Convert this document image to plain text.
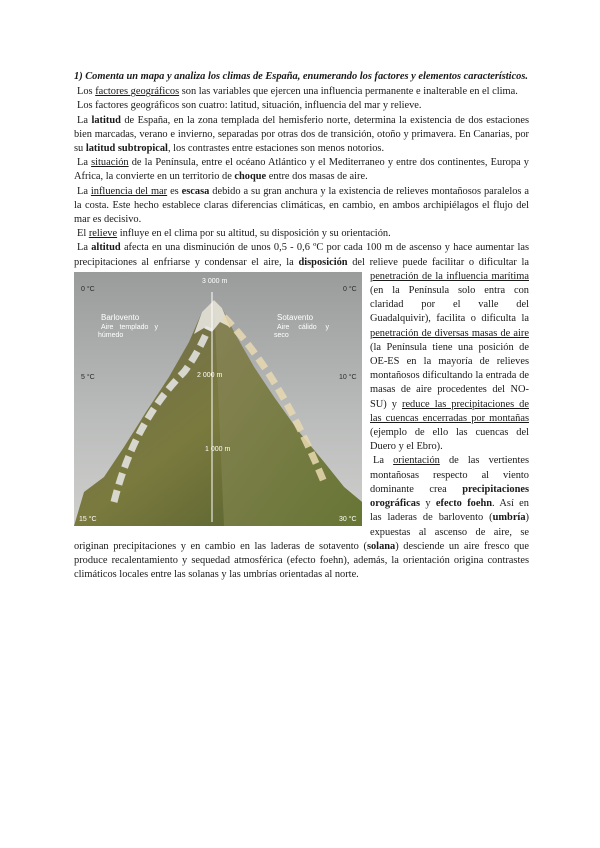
1) Comenta un mapa y analiza los climas de España, enumerando los factores y elementos característicos.

Los factores geográficos son las variables que ejercen una influencia permanente e inalterable en el clima.

Los factores geográficos son cuatro: latitud, situación, influencia del mar y relieve.

La latitud de España, en la zona templada del hemisferio norte, determina la existencia de dos estaciones bien marcadas, verano e invierno, separadas por otras dos de transición, otoño y primavera. En Canarias, por su latitud subtropical, los contrastes entre estaciones son menos notorios.

La situación de la Península, entre el océano Atlántico y el Mediterraneo y entre dos continentes, Europa y Africa, la convierte en un territorio de choque entre dos masas de aire.

La influencia del mar es escasa debido a su gran anchura y la existencia de relieves montañosos paralelos a la costa. Este hecho establece claras diferencias climáticas, en cambio, en ambos archipiélagos el flujo del mar es decisivo.

El relieve influye en el clima por su altitud, su disposición y su orientación.

La altitud afecta en una disminución de unos 0,5 - 0,6 ºC por cada 100 m de ascenso y hace aumentar las precipitaciones al enfriarse y condensar el aire, la disposición del relieve puede facilitar o dificultar la penetración de la influencia marítima
3 000 m
2 000 m
1 000 m
0 °C	0 °C
5 °C	10 °C
15 °C	30 °C
Barlovento
Aire templado y húmedo
Sotavento
Aire cálido y seco
(en la Península solo entra con claridad por el valle del Guadalquivir), facilita o dificulta la penetración de diversas masas de aire (la Península tiene una posición de OE-ES en la mayoría de relieves montañosos dificultando la entrada de masas de aire procedentes del NO-SU) y reduce las precipitaciones de las cuencas encerradas por montañas (ejemplo de ello las cuencas del Duero y el Ebro).

La orientación de las vertientes montañosas respecto al viento dominante crea precipitaciones orográficas y efecto foehn. Así en las laderas de barlovento (umbría) expuestas al ascenso de aire, se originan precipitaciones y en cambio en las laderas de sotavento (solana) desciende un aire fresco que produce recalentamiento y sequedad atmosférica (efecto foehn), además, la orientación origina contrastes climáticos locales entre las solanas y las umbrías orientadas al norte.
